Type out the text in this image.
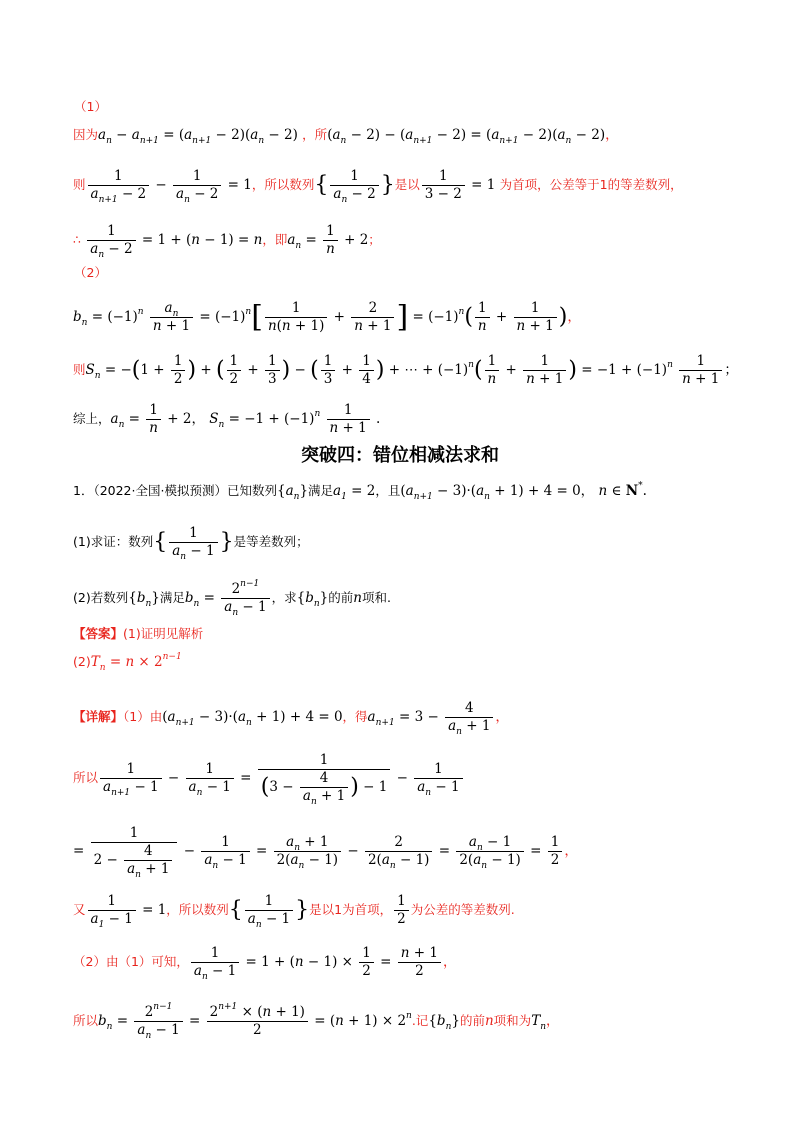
（1）
因为$a_n - a_{n+1} = (a_{n+1} - 2)(a_n - 2)$ ，所$(a_n - 2) - (a_{n+1} - 2) = (a_{n+1} - 2)(a_n - 2)$，
则 $\frac{1}{a_{n+1} - 2} - \frac{1}{a_n - 2} = 1$，所以数列{ $\frac{1}{a_n - 2}$ }是以 $\frac{1}{3 - 2} = 1$ 为首项，公差等于1的等差数列，
∴ $\frac{1}{a_n - 2} = 1 + (n - 1) = n$，即$a_n = \frac{1}{n} + 2$；
（2）
$b_n = (-1)^n \frac{a_n}{n + 1} = (-1)^n[ \frac{1}{n(n + 1)} + \frac{2}{n + 1}$ ] = $(-1)^n( \frac{1}{n} + \frac{1}{n + 1}$ )，
则$S_n = -(1 + \frac{1}{2}$ ) + ( $\frac{1}{2} + \frac{1}{3}$ ) − ( $\frac{1}{3} + \frac{1}{4}$ ) + ⋯ + $(-1)^n( \frac{1}{n} + \frac{1}{n + 1}$ ) = $-1 + (-1)^n \frac{1}{n + 1}$ ；
综上，$a_n = \frac{1}{n} + 2$， $S_n = -1 + (-1)^n \frac{1}{n + 1}$ .
突破四：错位相减法求和
1．（2022·全国·模拟预测）已知数列$\{a_n\}$满足$a_1 = 2$，且$(a_{n+1} - 3)\cdot(a_n + 1) + 4 = 0$， n ∈ N*.
(1)求证：数列{ $\frac{1}{a_n - 1}$ }是等差数列；
(2)若数列$\{b_n\}$满足$b_n = \frac{2^{n-1}}{a_n - 1}$ ，求$\{b_n\}$的前n项和.
【答案】(1)证明见解析
$(2)T_n = n \times 2^{n-1}$
【详解】（1）由$(a_{n+1} - 3)\cdot(a_n + 1) + 4 = 0$，得$a_{n+1} = 3 - \frac{4}{a_n + 1}$ ，
所以 $\frac{1}{a_{n+1} - 1} - \frac{1}{a_n - 1} = \frac{1}{(3 - \frac{4}{a_n + 1} ) - 1} - \frac{1}{a_n - 1}$
= $\frac{1}{2 - \frac{4}{a_n + 1}} - \frac{1}{a_n - 1} = \frac{a_n + 1}{2(a_n - 1)} - \frac{2}{2(a_n - 1)} = \frac{a_n - 1}{2(a_n - 1)} = \frac{1}{2}$ ，
又 $\frac{1}{a_1 - 1} = 1$，所以数列{ $\frac{1}{a_n - 1}$ }是以1为首项， $\frac{1}{2}$ 为公差的等差数列.
（2）由（1）可知， $\frac{1}{a_n - 1} = 1 + (n - 1) \times \frac{1}{2} = \frac{n + 1}{2}$ ，
所以$b_n = \frac{2^{n-1}}{a_n - 1} = \frac{2^{n+1} \times (n + 1)}{2} = (n + 1) \times 2^n$.记$\{b_n\}$的前n项和为$T_n$，
